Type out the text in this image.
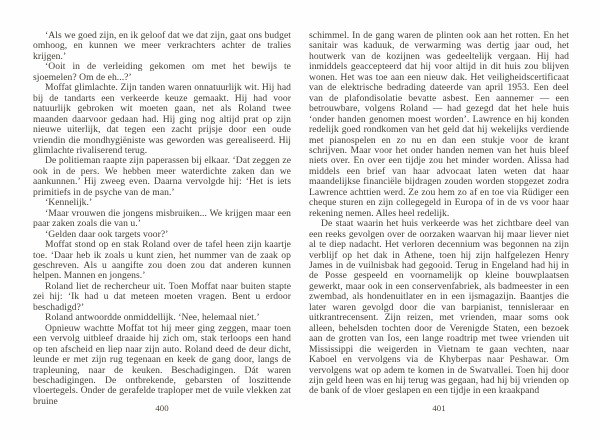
‘Als we goed zijn, en ik geloof dat we dat zijn, gaat ons budget omhoog, en kunnen we meer verkrachters achter de tralies krijgen.’

‘Ooit in de verleiding gekomen om met het bewijs te sjoemelen? Om de eh...?’

Moffat glimlachte. Zijn tanden waren onnatuurlijk wit. Hij had bij de tandarts een verkeerde keuze gemaakt. Hij had voor natuurlijk gebroken wit moeten gaan, net als Roland twee maanden daarvoor gedaan had. Hij ging nog altijd prat op zijn nieuwe uiterlijk, dat tegen een zacht prijsje door een oude vriendin die mondhygiëniste was geworden was gerealiseerd. Hij glimlachte rivaliserend terug.

De politieman raapte zijn paperassen bij elkaar. ‘Dat zeggen ze ook in de pers. We hebben meer waterdichte zaken dan we aankunnen.’ Hij zweeg even. Daarna vervolgde hij: ‘Het is iets primitiefs in de psyche van de man.’

‘Kennelijk.’

‘Maar vrouwen die jongens misbruiken... We krijgen maar een paar zaken zoals die van u.’

‘Gelden daar ook targets voor?’

Moffat stond op en stak Roland over de tafel heen zijn kaartje toe. ‘Daar heb ik zoals u kunt zien, het nummer van de zaak op geschreven. Als u aangifte zou doen zou dat anderen kunnen helpen. Mannen en jongens.’

Roland liet de rechercheur uit. Toen Moffat naar buiten stapte zei hij: ‘Ik had u dat meteen moeten vragen. Bent u erdoor beschadigd?’

Roland antwoordde onmiddellijk. ‘Nee, helemaal niet.’

Opnieuw wachtte Moffat tot hij meer ging zeggen, maar toen een vervolg uitbleef draaide hij zich om, stak terloops een hand op ten afscheid en liep naar zijn auto. Roland deed de deur dicht, leunde er met zijn rug tegenaan en keek de gang door, langs de trapleuning, naar de keuken. Beschadigingen. Dát waren beschadigingen. De ontbrekende, gebarsten of loszittende vloertegels. Onder de gerafelde traploper met de vuile vlekken zat bruine

schimmel. In de gang waren de plinten ook aan het rotten. En het sanitair was kaduuk, de verwarming was dertig jaar oud, het houtwerk van de kozijnen was gedeeltelijk vergaan. Hij had inmiddels geaccepteerd dat hij voor altijd in dit huis zou blijven wonen. Het was toe aan een nieuw dak. Het veiligheidscertificaat van de elektrische bedrading dateerde van april 1953. Een deel van de plafondisolatie bevatte asbest. Een aannemer — een betrouwbare, volgens Roland — had gezegd dat het hele huis ‘onder handen genomen moest worden’. Lawrence en hij konden redelijk goed rondkomen van het geld dat hij wekelijks verdiende met pianospelen en zo nu en dan een stukje voor de krant schrijven. Maar voor het onder handen nemen van het huis bleef niets over. En over een tijdje zou het minder worden. Alissa had middels een brief van haar advocaat laten weten dat haar maandelijkse financiële bijdragen zouden worden stopgezet zodra Lawrence achttien werd. Ze zou hem zo af en toe via Rüdiger een cheque sturen en zijn collegegeld in Europa of in de vs voor haar rekening nemen. Alles heel redelijk.

De staat waarin het huis verkeerde was het zichtbare deel van een reeks gevolgen over de oorzaken waarvan hij maar liever niet al te diep nadacht. Het verloren decennium was begonnen na zijn verblijf op het dak in Athene, toen hij zijn halfgelezen Henry James in de vuilnisbak had gegooid. Terug in Engeland had hij in de Posse gespeeld en voornamelijk op kleine bouwplaatsen gewerkt, maar ook in een conservenfabriek, als badmeester in een zwembad, als hondenuitlater en in een ijsmagazijn. Baantjes die later waren gevolgd door die van barpianist, tennisleraar en uitkrantrecensent. Zijn reizen, met vrienden, maar soms ook alleen, behelsden tochten door de Verenigde Staten, een bezoek aan de grotten van Ios, een lange roadtrip met twee vrienden uit Mississippi die weigerden in Vietnam te gaan vechten, naar Kaboel en vervolgens via de Khyberpas naar Peshawar. Om vervolgens wat op adem te komen in de Swatvallei. Toen hij door zijn geld heen was en hij terug was gegaan, had hij bij vrienden op de bank of de vloer geslapen en een tijdje in een kraakpand

400	401
